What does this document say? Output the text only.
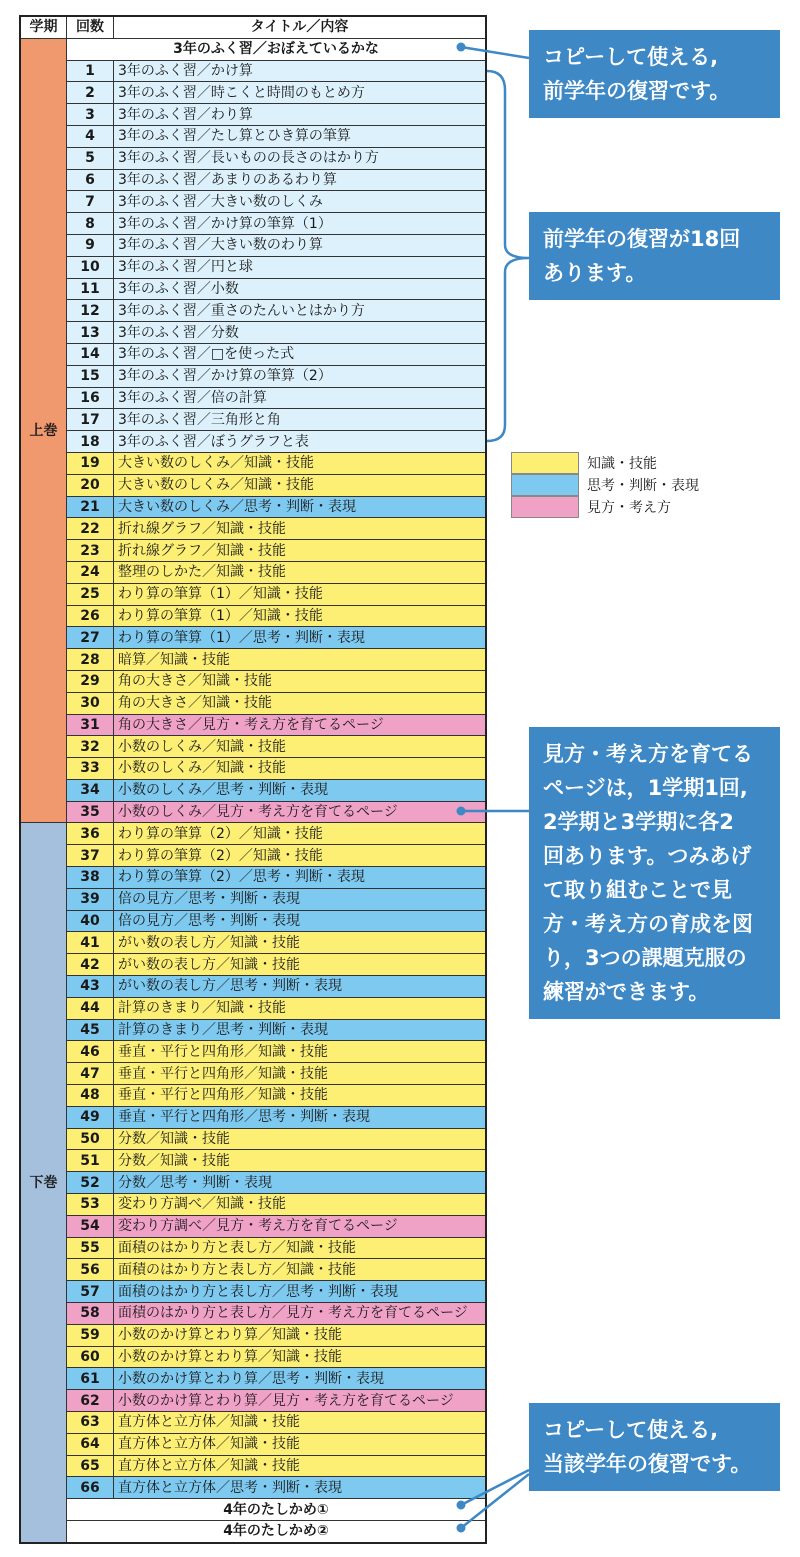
学期	回数	タイトル／内容
上巻	3年のふく習／おぼえているかな	
	1	3年のふく習／かけ算
	2	3年のふく習／時こくと時間のもとめ方
	3	3年のふく習／わり算
	4	3年のふく習／たし算とひき算の筆算
	5	3年のふく習／長いものの長さのはかり方
	6	3年のふく習／あまりのあるわり算
	7	3年のふく習／大きい数のしくみ
	8	3年のふく習／かけ算の筆算（1）
	9	3年のふく習／大きい数のわり算
	10	3年のふく習／円と球
	11	3年のふく習／小数
	12	3年のふく習／重さのたんいとはかり方
	13	3年のふく習／分数
	14	3年のふく習／□を使った式
	15	3年のふく習／かけ算の筆算（2）
	16	3年のふく習／倍の計算
	17	3年のふく習／三角形と角
	18	3年のふく習／ぼうグラフと表
	19	大きい数のしくみ／知識・技能
	20	大きい数のしくみ／知識・技能
	21	大きい数のしくみ／思考・判断・表現
	22	折れ線グラフ／知識・技能
	23	折れ線グラフ／知識・技能
	24	整理のしかた／知識・技能
	25	わり算の筆算（1）／知識・技能
	26	わり算の筆算（1）／知識・技能
	27	わり算の筆算（1）／思考・判断・表現
	28	暗算／知識・技能
	29	角の大きさ／知識・技能
	30	角の大きさ／知識・技能
	31	角の大きさ／見方・考え方を育てるページ
	32	小数のしくみ／知識・技能
	33	小数のしくみ／知識・技能
	34	小数のしくみ／思考・判断・表現
	35	小数のしくみ／見方・考え方を育てるページ
下巻	36	わり算の筆算（2）／知識・技能
	37	わり算の筆算（2）／知識・技能
	38	わり算の筆算（2）／思考・判断・表現
	39	倍の見方／思考・判断・表現
	40	倍の見方／思考・判断・表現
	41	がい数の表し方／知識・技能
	42	がい数の表し方／知識・技能
	43	がい数の表し方／思考・判断・表現
	44	計算のきまり／知識・技能
	45	計算のきまり／思考・判断・表現
	46	垂直・平行と四角形／知識・技能
	47	垂直・平行と四角形／知識・技能
	48	垂直・平行と四角形／知識・技能
	49	垂直・平行と四角形／思考・判断・表現
	50	分数／知識・技能
	51	分数／知識・技能
	52	分数／思考・判断・表現
	53	変わり方調べ／知識・技能
	54	変わり方調べ／見方・考え方を育てるページ
	55	面積のはかり方と表し方／知識・技能
	56	面積のはかり方と表し方／知識・技能
	57	面積のはかり方と表し方／思考・判断・表現
	58	面積のはかり方と表し方／見方・考え方を育てるページ
	59	小数のかけ算とわり算／知識・技能
	60	小数のかけ算とわり算／知識・技能
	61	小数のかけ算とわり算／思考・判断・表現
	62	小数のかけ算とわり算／見方・考え方を育てるページ
	63	直方体と立方体／知識・技能
	64	直方体と立方体／知識・技能
	65	直方体と立方体／知識・技能
	66	直方体と立方体／思考・判断・表現
	4年のたしかめ①	
	4年のたしかめ②	
コピーして使える,
前学年の復習です。
前学年の復習が18回
あります。
知識・技能
思考・判断・表現
見方・考え方
見方・考え方を育てる
ページは，1学期1回,
2学期と3学期に各2
回あります。つみあげ
て取り組むことで見
方・考え方の育成を図
り，3つの課題克服の
練習ができます。
コピーして使える,
当該学年の復習です。
